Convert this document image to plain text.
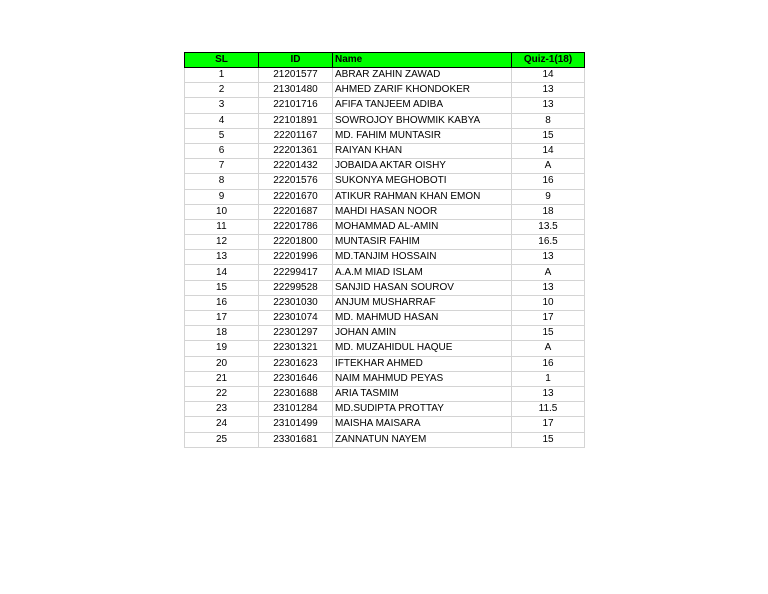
SL	ID	Name	Quiz-1(18)
1	21201577	ABRAR ZAHIN ZAWAD	14
2	21301480	AHMED ZARIF KHONDOKER	13
3	22101716	AFIFA TANJEEM ADIBA	13
4	22101891	SOWROJOY BHOWMIK KABYA	8
5	22201167	MD. FAHIM MUNTASIR	15
6	22201361	RAIYAN KHAN	14
7	22201432	JOBAIDA AKTAR OISHY	A
8	22201576	SUKONYA MEGHOBOTI	16
9	22201670	ATIKUR RAHMAN KHAN EMON	9
10	22201687	MAHDI HASAN NOOR	18
11	22201786	MOHAMMAD AL-AMIN	13.5
12	22201800	MUNTASIR FAHIM	16.5
13	22201996	MD.TANJIM HOSSAIN	13
14	22299417	A.A.M MIAD ISLAM	A
15	22299528	SANJID HASAN SOUROV	13
16	22301030	ANJUM MUSHARRAF	10
17	22301074	MD. MAHMUD HASAN	17
18	22301297	JOHAN AMIN	15
19	22301321	MD. MUZAHIDUL HAQUE	A
20	22301623	IFTEKHAR AHMED	16
21	22301646	NAIM MAHMUD PEYAS	1
22	22301688	ARIA TASMIM	13
23	23101284	MD.SUDIPTA PROTTAY	11.5
24	23101499	MAISHA MAISARA	17
25	23301681	ZANNATUN NAYEM	15
